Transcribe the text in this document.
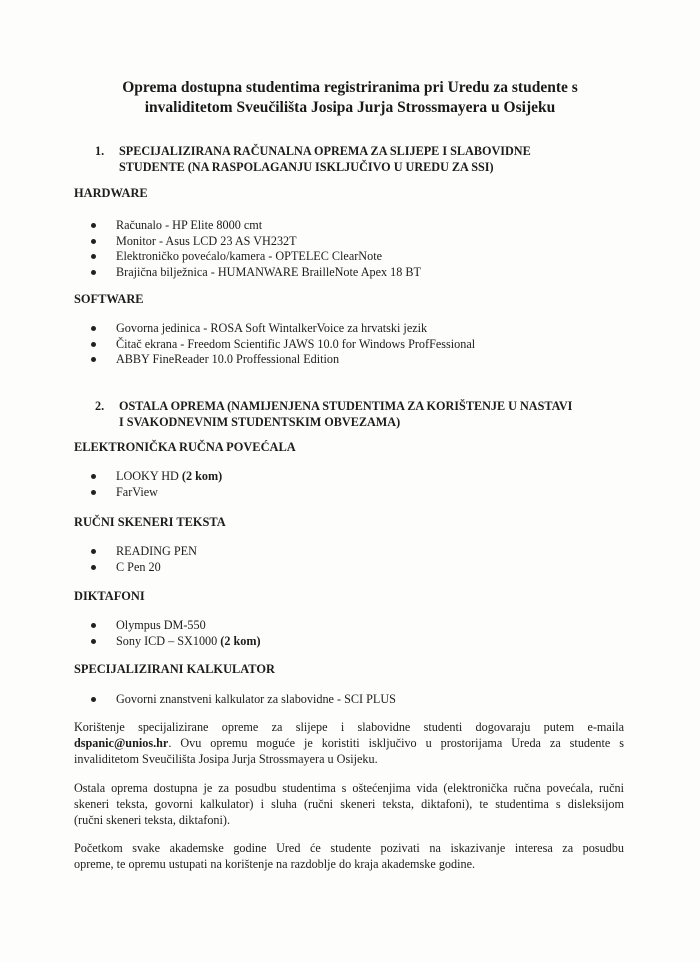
Oprema dostupna studentima registriranima pri Uredu za studente s
invaliditetom Sveučilišta Josipa Jurja Strossmayera u Osijeku
1. SPECIJALIZIRANA RAČUNALNA OPREMA ZA SLIJEPE I SLABOVIDNE
STUDENTE (NA RASPOLAGANJU ISKLJUČIVO U UREDU ZA SSI)
HARDWARE
Računalo - HP Elite 8000 cmt
Monitor - Asus LCD 23 AS VH232T
Elektroničko povećalo/kamera - OPTELEC ClearNote
Brajična bilježnica - HUMANWARE BrailleNote Apex 18 BT
SOFTWARE
Govorna jedinica - ROSA Soft WintalkerVoice za hrvatski jezik
Čitač ekrana - Freedom Scientific JAWS 10.0 for Windows ProfFessional
ABBY FineReader 10.0 Proffessional Edition
2. OSTALA OPREMA (NAMIJENJENA STUDENTIMA ZA KORIŠTENJE U NASTAVI
I SVAKODNEVNIM STUDENTSKIM OBVEZAMA)
ELEKTRONIČKA RUČNA POVEĆALA
LOOKY HD (2 kom)
FarView
RUČNI SKENERI TEKSTA
READING PEN
C Pen 20
DIKTAFONI
Olympus DM-550
Sony ICD – SX1000 (2 kom)
SPECIJALIZIRANI KALKULATOR
Govorni znanstveni kalkulator za slabovidne - SCI PLUS
Korištenje specijalizirane opreme za slijepe i slabovidne studenti dogovaraju putem e-maila
dspanic@unios.hr. Ovu opremu moguće je koristiti isključivo u prostorijama Ureda za studente s
invaliditetom Sveučilišta Josipa Jurja Strossmayera u Osijeku.
Ostala oprema dostupna je za posudbu studentima s oštećenjima vida (elektronička ručna povećala, ručni
skeneri teksta, govorni kalkulator) i sluha (ručni skeneri teksta, diktafoni), te studentima s disleksijom
(ručni skeneri teksta, diktafoni).
Početkom svake akademske godine Ured će studente pozivati na iskazivanje interesa za posudbu
opreme, te opremu ustupati na korištenje na razdoblje do kraja akademske godine.
